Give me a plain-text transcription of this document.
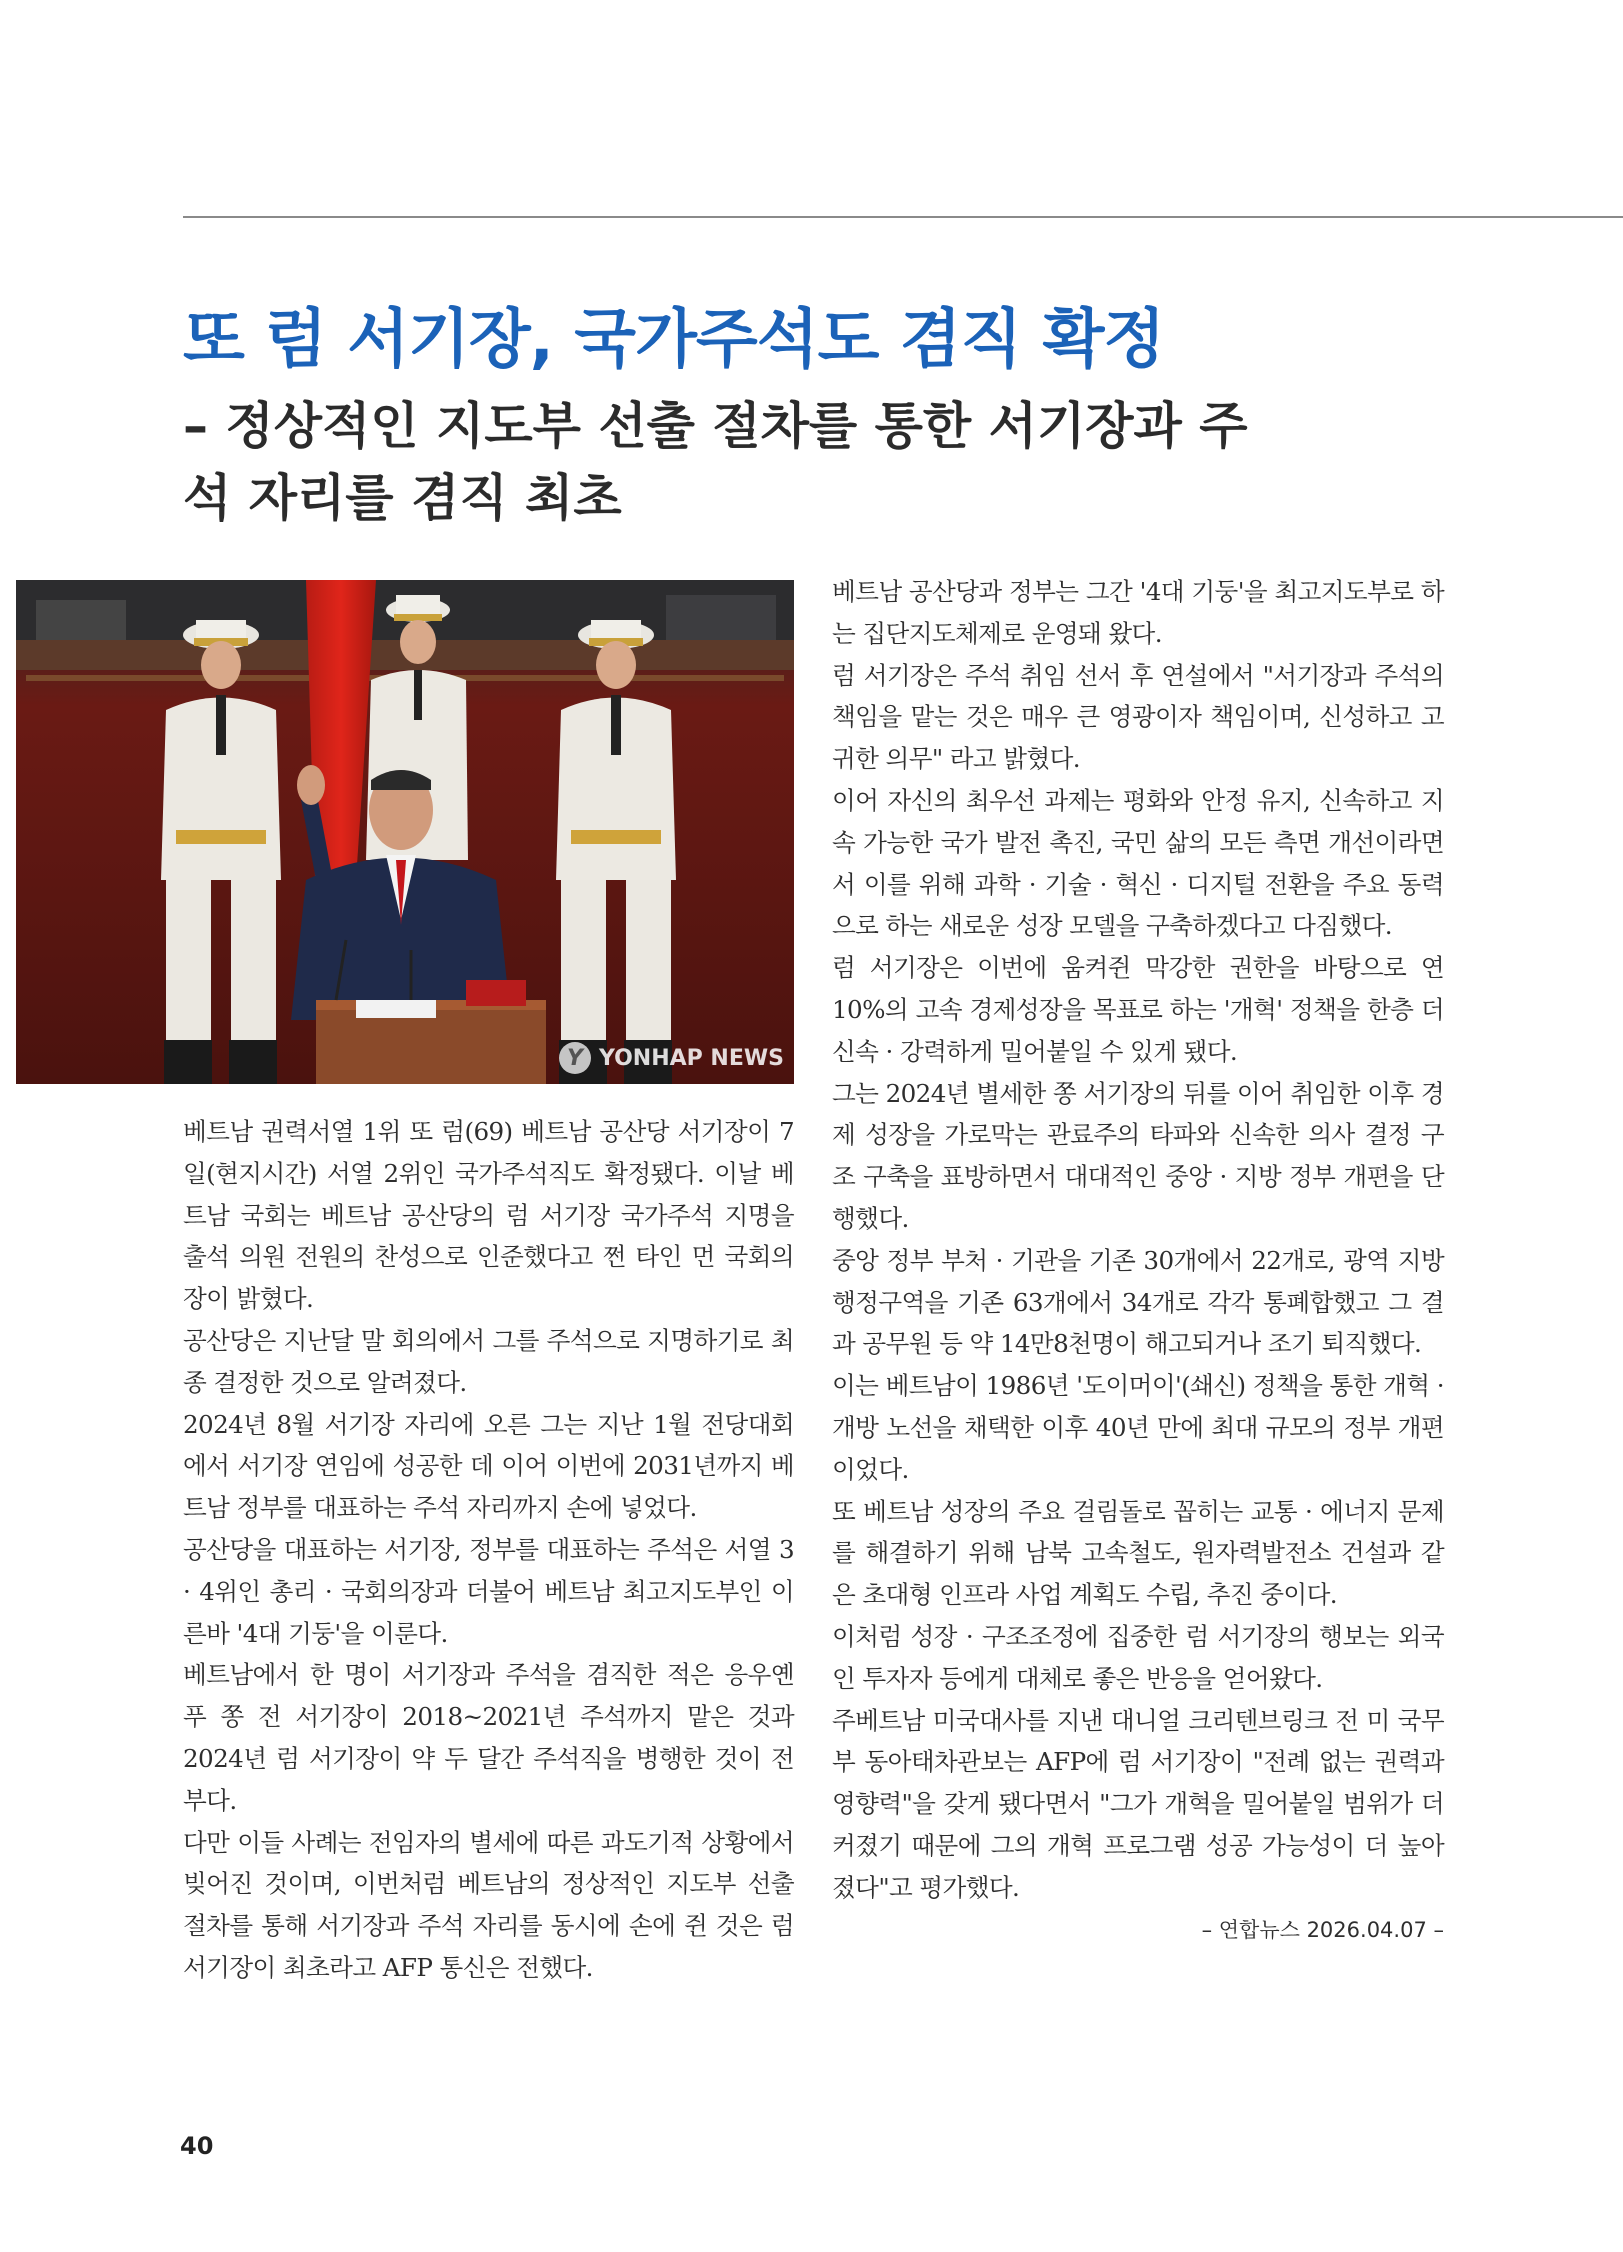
또 럼 서기장, 국가주석도 겸직 확정
– 정상적인 지도부 선출 절차를 통한 서기장과 주석 자리를 겸직 최초
Y YONHAP NEWS

베트남 권력서열 1위 또 럼(69) 베트남 공산당 서기장이 7일(현지시간) 서열 2위인 국가주석직도 확정됐다. 이날 베트남 국회는 베트남 공산당의 럼 서기장 국가주석 지명을 출석 의원 전원의 찬성으로 인준했다고 쩐 타인 먼 국회의장이 밝혔다.

공산당은 지난달 말 회의에서 그를 주석으로 지명하기로 최종 결정한 것으로 알려졌다.

2024년 8월 서기장 자리에 오른 그는 지난 1월 전당대회에서 서기장 연임에 성공한 데 이어 이번에 2031년까지 베트남 정부를 대표하는 주석 자리까지 손에 넣었다.

공산당을 대표하는 서기장, 정부를 대표하는 주석은 서열 3 · 4위인 총리 · 국회의장과 더불어 베트남 최고지도부인 이른바 '4대 기둥'을 이룬다.

베트남에서 한 명이 서기장과 주석을 겸직한 적은 응우옌 푸 쫑 전 서기장이 2018~2021년 주석까지 맡은 것과 2024년 럼 서기장이 약 두 달간 주석직을 병행한 것이 전부다.

다만 이들 사례는 전임자의 별세에 따른 과도기적 상황에서 빚어진 것이며, 이번처럼 베트남의 정상적인 지도부 선출 절차를 통해 서기장과 주석 자리를 동시에 손에 쥔 것은 럼 서기장이 최초라고 AFP 통신은 전했다.

베트남 공산당과 정부는 그간 '4대 기둥'을 최고지도부로 하는 집단지도체제로 운영돼 왔다.

럼 서기장은 주석 취임 선서 후 연설에서 "서기장과 주석의 책임을 맡는 것은 매우 큰 영광이자 책임이며, 신성하고 고귀한 의무" 라고 밝혔다.

이어 자신의 최우선 과제는 평화와 안정 유지, 신속하고 지속 가능한 국가 발전 촉진, 국민 삶의 모든 측면 개선이라면서 이를 위해 과학 · 기술 · 혁신 · 디지털 전환을 주요 동력으로 하는 새로운 성장 모델을 구축하겠다고 다짐했다.

럼 서기장은 이번에 움켜쥔 막강한 권한을 바탕으로 연 10%의 고속 경제성장을 목표로 하는 '개혁' 정책을 한층 더 신속 · 강력하게 밀어붙일 수 있게 됐다.

그는 2024년 별세한 쫑 서기장의 뒤를 이어 취임한 이후 경제 성장을 가로막는 관료주의 타파와 신속한 의사 결정 구조 구축을 표방하면서 대대적인 중앙 · 지방 정부 개편을 단행했다.

중앙 정부 부처 · 기관을 기존 30개에서 22개로, 광역 지방 행정구역을 기존 63개에서 34개로 각각 통폐합했고 그 결과 공무원 등 약 14만8천명이 해고되거나 조기 퇴직했다.

이는 베트남이 1986년 '도이머이'(쇄신) 정책을 통한 개혁 · 개방 노선을 채택한 이후 40년 만에 최대 규모의 정부 개편이었다.

또 베트남 성장의 주요 걸림돌로 꼽히는 교통 · 에너지 문제를 해결하기 위해 남북 고속철도, 원자력발전소 건설과 같은 초대형 인프라 사업 계획도 수립, 추진 중이다.

이처럼 성장 · 구조조정에 집중한 럼 서기장의 행보는 외국인 투자자 등에게 대체로 좋은 반응을 얻어왔다.

주베트남 미국대사를 지낸 대니얼 크리텐브링크 전 미 국무부 동아태차관보는 AFP에 럼 서기장이 "전례 없는 권력과 영향력"을 갖게 됐다면서 "그가 개혁을 밀어붙일 범위가 더 커졌기 때문에 그의 개혁 프로그램 성공 가능성이 더 높아졌다"고 평가했다.

– 연합뉴스 2026.04.07 –

40
